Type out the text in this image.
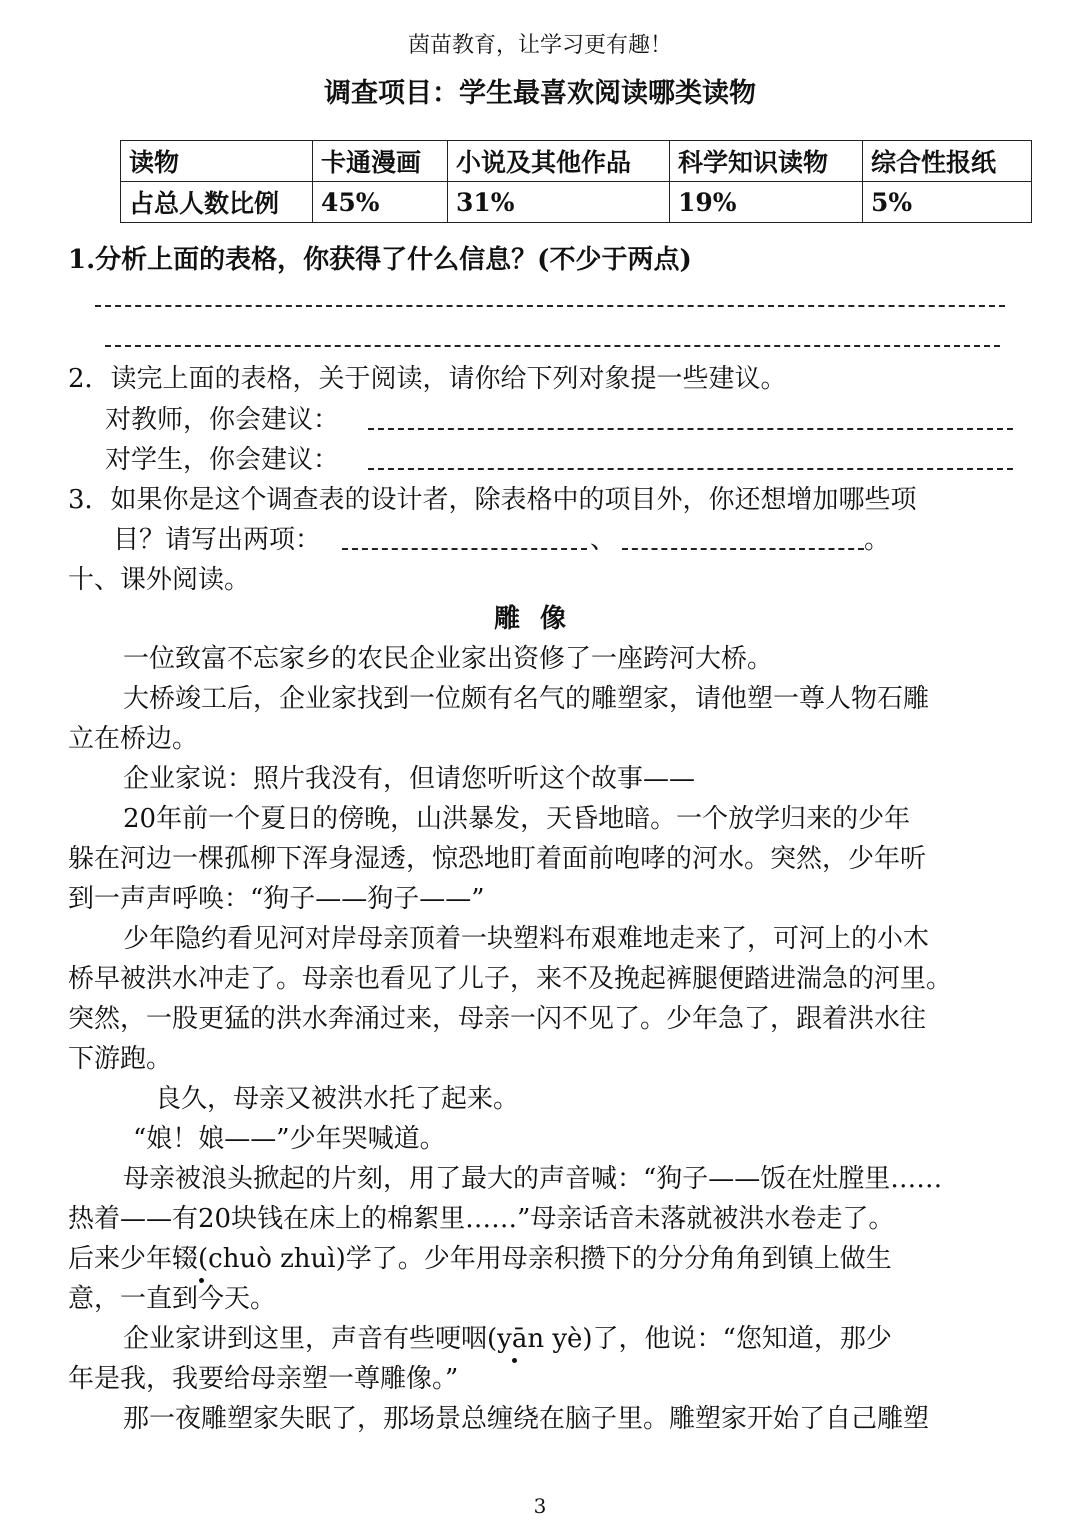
茵苗教育，让学习更有趣！
调查项目：学生最喜欢阅读哪类读物
读物	卡通漫画	小说及其他作品	科学知识读物	综合性报纸
占总人数比例	45%	31%	19%	5%
1.分析上面的表格，你获得了什么信息？(不少于两点)
2．读完上面的表格，关于阅读，请你给下列对象提一些建议。
对教师，你会建议：
对学生，你会建议：
3．如果你是这个调查表的设计者，除表格中的项目外，你还想增加哪些项
目？请写出两项：	、	。
十、课外阅读。
雕像
一位致富不忘家乡的农民企业家出资修了一座跨河大桥。
大桥竣工后，企业家找到一位颇有名气的雕塑家，请他塑一尊人物石雕
立在桥边。
企业家说：照片我没有，但请您听听这个故事——
20年前一个夏日的傍晚，山洪暴发，天昏地暗。一个放学归来的少年
躲在河边一棵孤柳下浑身湿透，惊恐地盯着面前咆哮的河水。突然，少年听
到一声声呼唤：“狗子——狗子——”
少年隐约看见河对岸母亲顶着一块塑料布艰难地走来了，可河上的小木
桥早被洪水冲走了。母亲也看见了儿子，来不及挽起裤腿便踏进湍急的河里。
突然，一股更猛的洪水奔涌过来，母亲一闪不见了。少年急了，跟着洪水往
下游跑。
良久，母亲又被洪水托了起来。
“娘！娘——”少年哭喊道。
母亲被浪头掀起的片刻，用了最大的声音喊：“狗子——饭在灶膛里……
热着——有20块钱在床上的棉絮里……”母亲话音未落就被洪水卷走了。
后来少年辍(chuò zhuì)学了。少年用母亲积攒下的分分角角到镇上做生
意，一直到今天。
企业家讲到这里，声音有些哽咽(yān yè)了，他说：“您知道，那少
年是我，我要给母亲塑一尊雕像。”
那一夜雕塑家失眠了，那场景总缠绕在脑子里。雕塑家开始了自己雕塑
3
